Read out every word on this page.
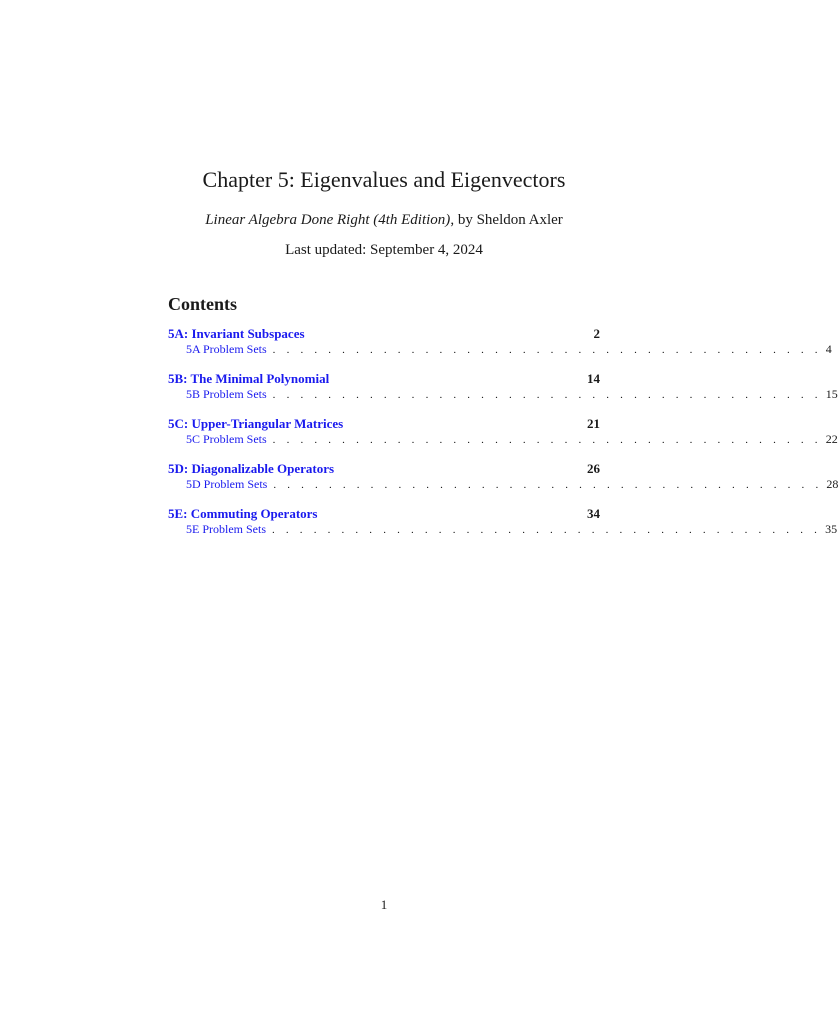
Chapter 5: Eigenvalues and Eigenvectors
Linear Algebra Done Right (4th Edition), by Sheldon Axler
Last updated: September 4, 2024
Contents
5A: Invariant Subspaces	2
5A Problem Sets . . . . . . . . . . . . . . . . . . . . . . . . . . . . . . . . . . . . . . . . 4
5B: The Minimal Polynomial	14
5B Problem Sets . . . . . . . . . . . . . . . . . . . . . . . . . . . . . . . . . . . . . . . . 15
5C: Upper-Triangular Matrices	21
5C Problem Sets . . . . . . . . . . . . . . . . . . . . . . . . . . . . . . . . . . . . . . . . 22
5D: Diagonalizable Operators	26
5D Problem Sets . . . . . . . . . . . . . . . . . . . . . . . . . . . . . . . . . . . . . . . . 28
5E: Commuting Operators	34
5E Problem Sets . . . . . . . . . . . . . . . . . . . . . . . . . . . . . . . . . . . . . . . . 35
1
